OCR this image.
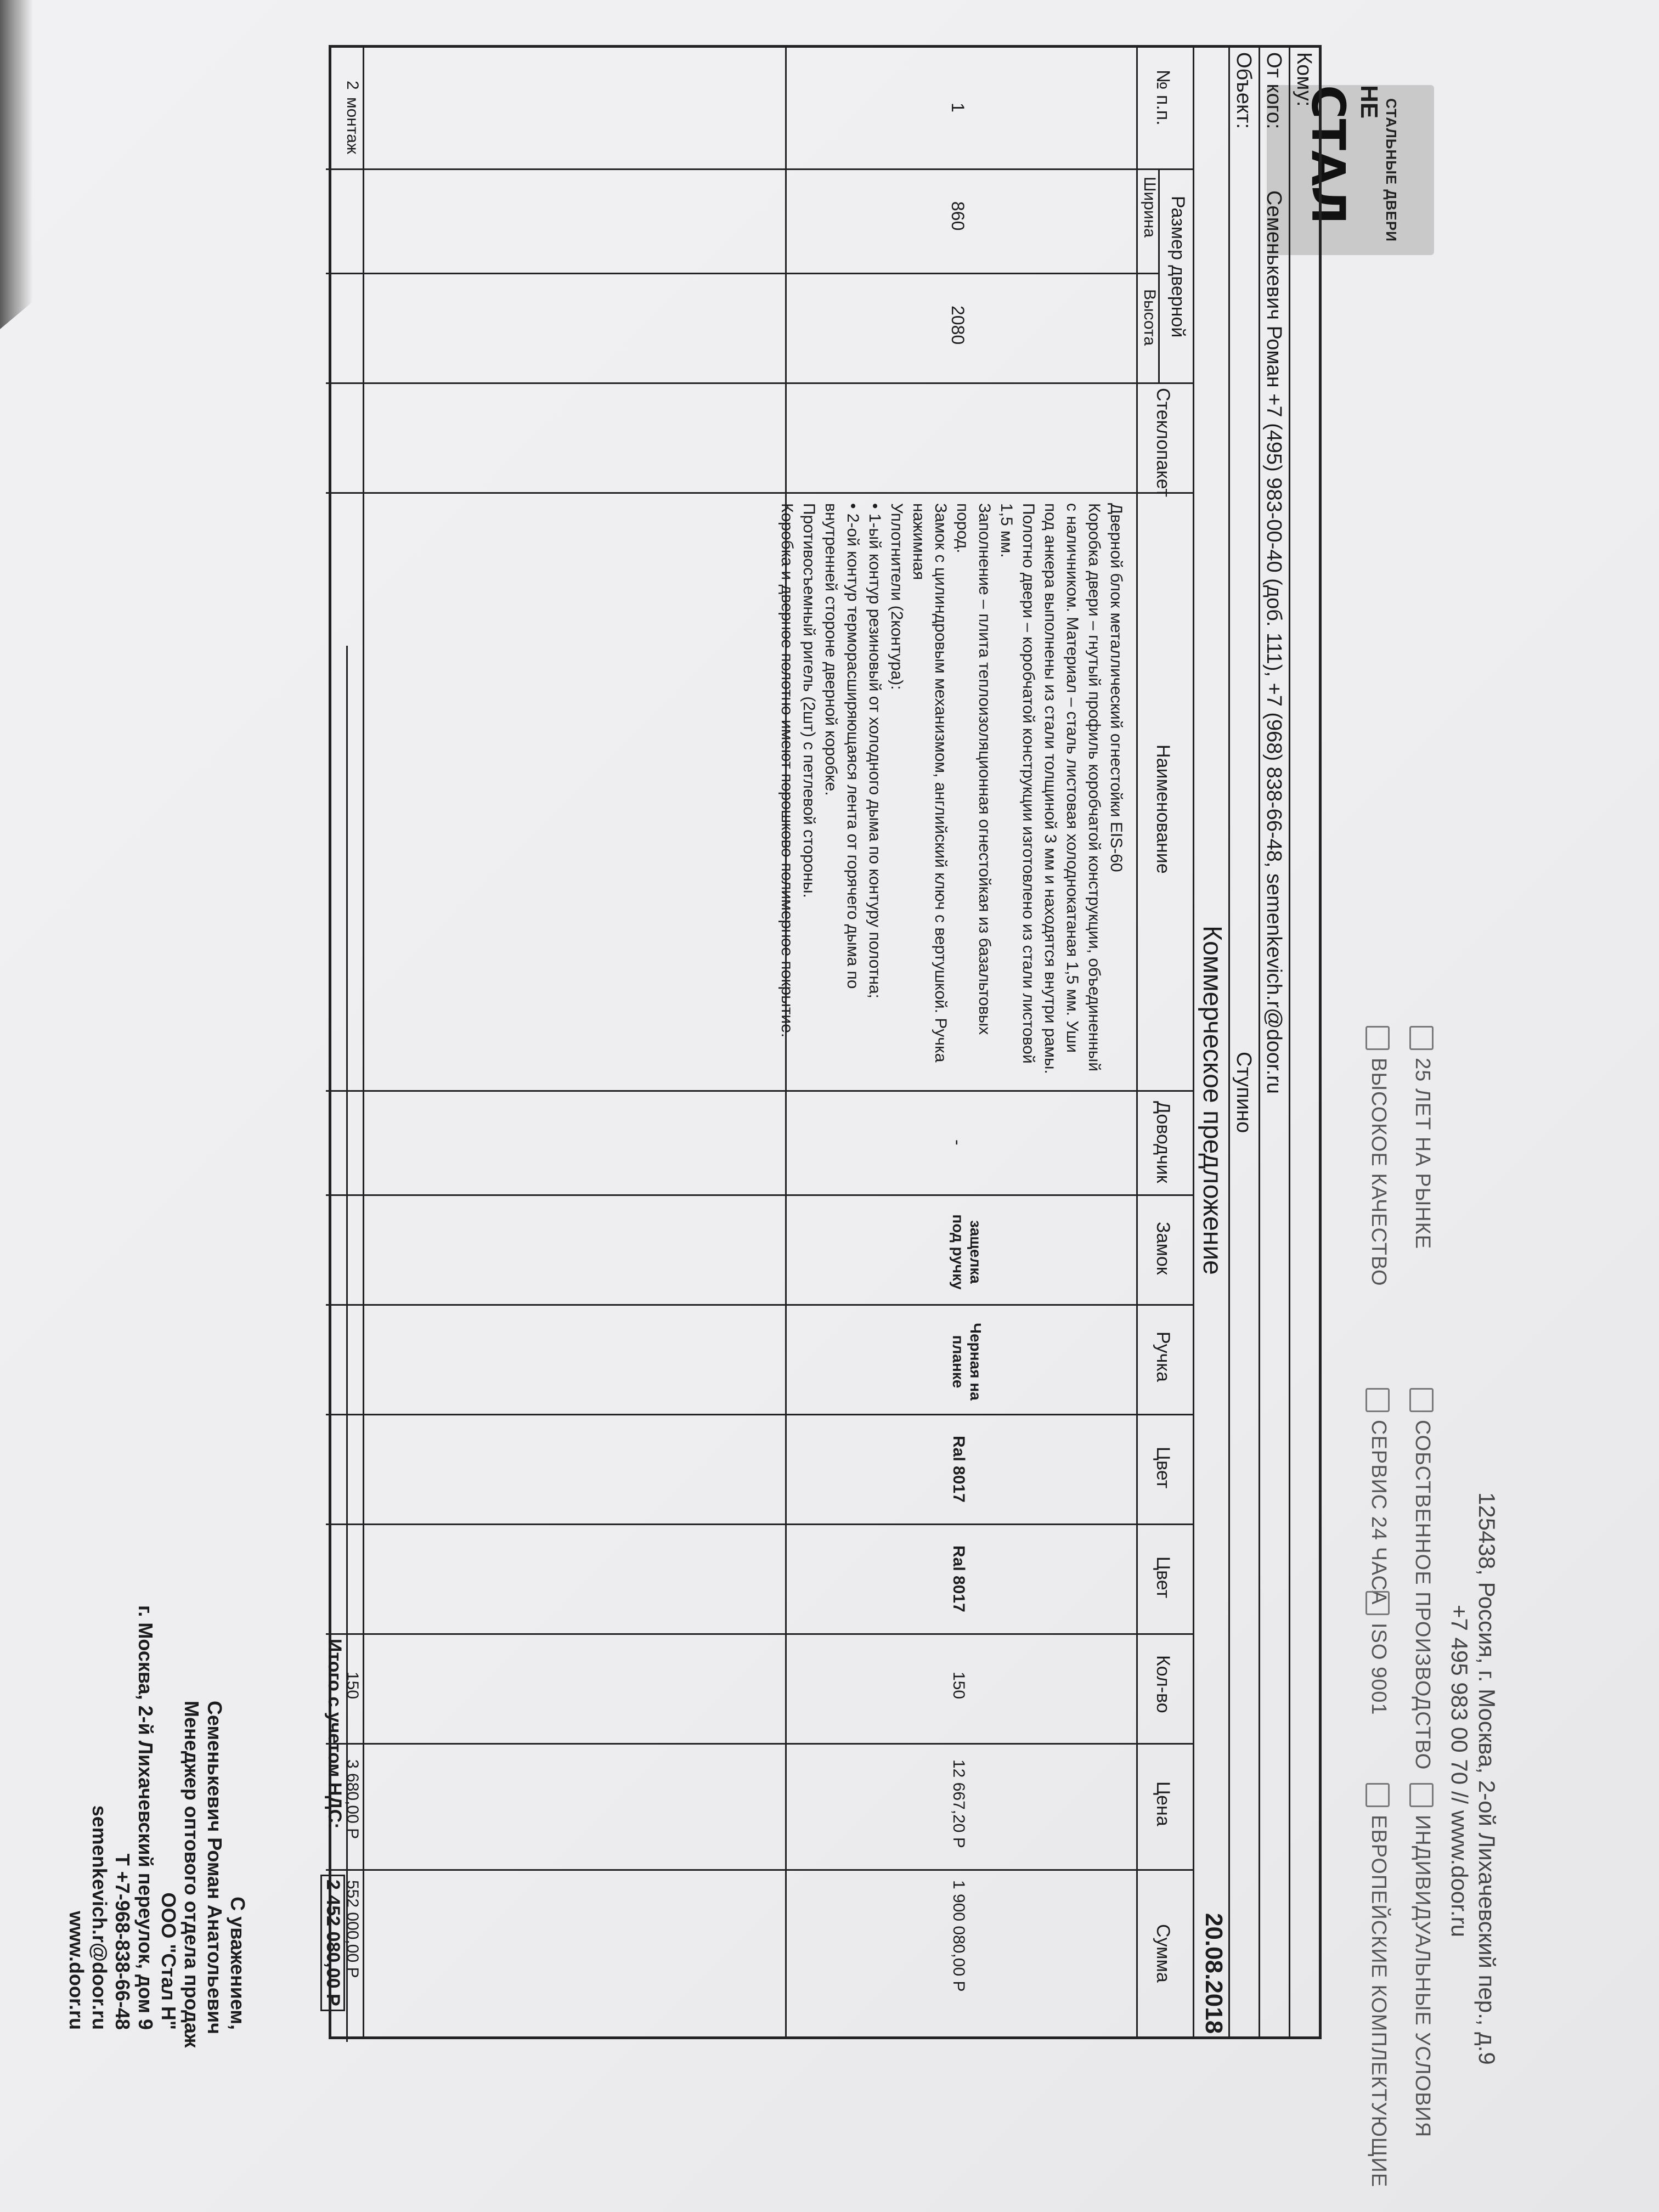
СТАЛЬНЫЕ ДВЕРИ
НЕ СТАЛ
125438, Россия, г. Москва, 2-ой Лихачевский пер., д.9
+7 495 983 00 70 // www.door.ru
25 ЛЕТ НА РЫНКЕ
СОБСТВЕННОЕ ПРОИЗВОДСТВО
ИНДИВИДУАЛЬНЫЕ УСЛОВИЯ
ВЫСОКОЕ КАЧЕСТВО
СЕРВИС 24 ЧАСА
ISO 9001
ЕВРОПЕЙСКИЕ КОМПЛЕКТУЮЩИЕ
Кому:
От кого:
Семенькевич Роман +7 (495) 983-00-40 (доб. 111), +7 (968) 838-66-48, semenkevich.r@door.ru
Объект:
Ступино
Коммерческое предложение
20.08.2018
№ п.п.
Размер дверной
Ширина
Высота
Стеклопакет
Наименование
Доводчик
Замок
Ручка
Цвет
Цвет
Кол-во
Цена
Сумма
1
860
2080
Дверной блок металлический огнестойки EIS-60
Коробка двери – гнутый профиль коробчатой конструкции, объединенный
с наличником. Материал – сталь листовая холоднокатаная 1,5 мм. Уши
под анкера выполнены из стали толщиной 3 мм и находятся внутри рамы.
Полотно двери – коробчатой конструкции изготовлено из стали листовой
1,5 мм.
Заполнение – плита теплоизоляционная огнестойкая из базальтовых
пород.
Замок с цилиндровым механизмом, английский ключ с вертушкой. Ручка
нажимная
Уплотнители (2контура):
• 1-ый контур резиновый от холодного дыма по контуру полотна;
• 2-ой контур терморасширяющаяся лента от горячего дыма по
внутренней стороне дверной коробке.
Противосъемный ригель (2шт) с петлевой стороны.
Коробка и дверное полотно имеют порошково-полимерное покрытие.
-
защелка под ручку
Черная на планке
Ral 8017
Ral 8017
150
12 667,20 Р
1 900 080,00 Р
2
монтаж
150
3 680,00 Р
552 000,00 Р
Итого с учетом НДС:
2 452 080,00 Р
С уважением,
Семенькевич Роман Анатольевич
Менеджер оптового отдела продаж
ООО "Стал Н"
г. Москва, 2-й Лихачевский переулок, дом 9
Т +7-968-838-66-48
semenkevich.r@door.ru
www.door.ru
